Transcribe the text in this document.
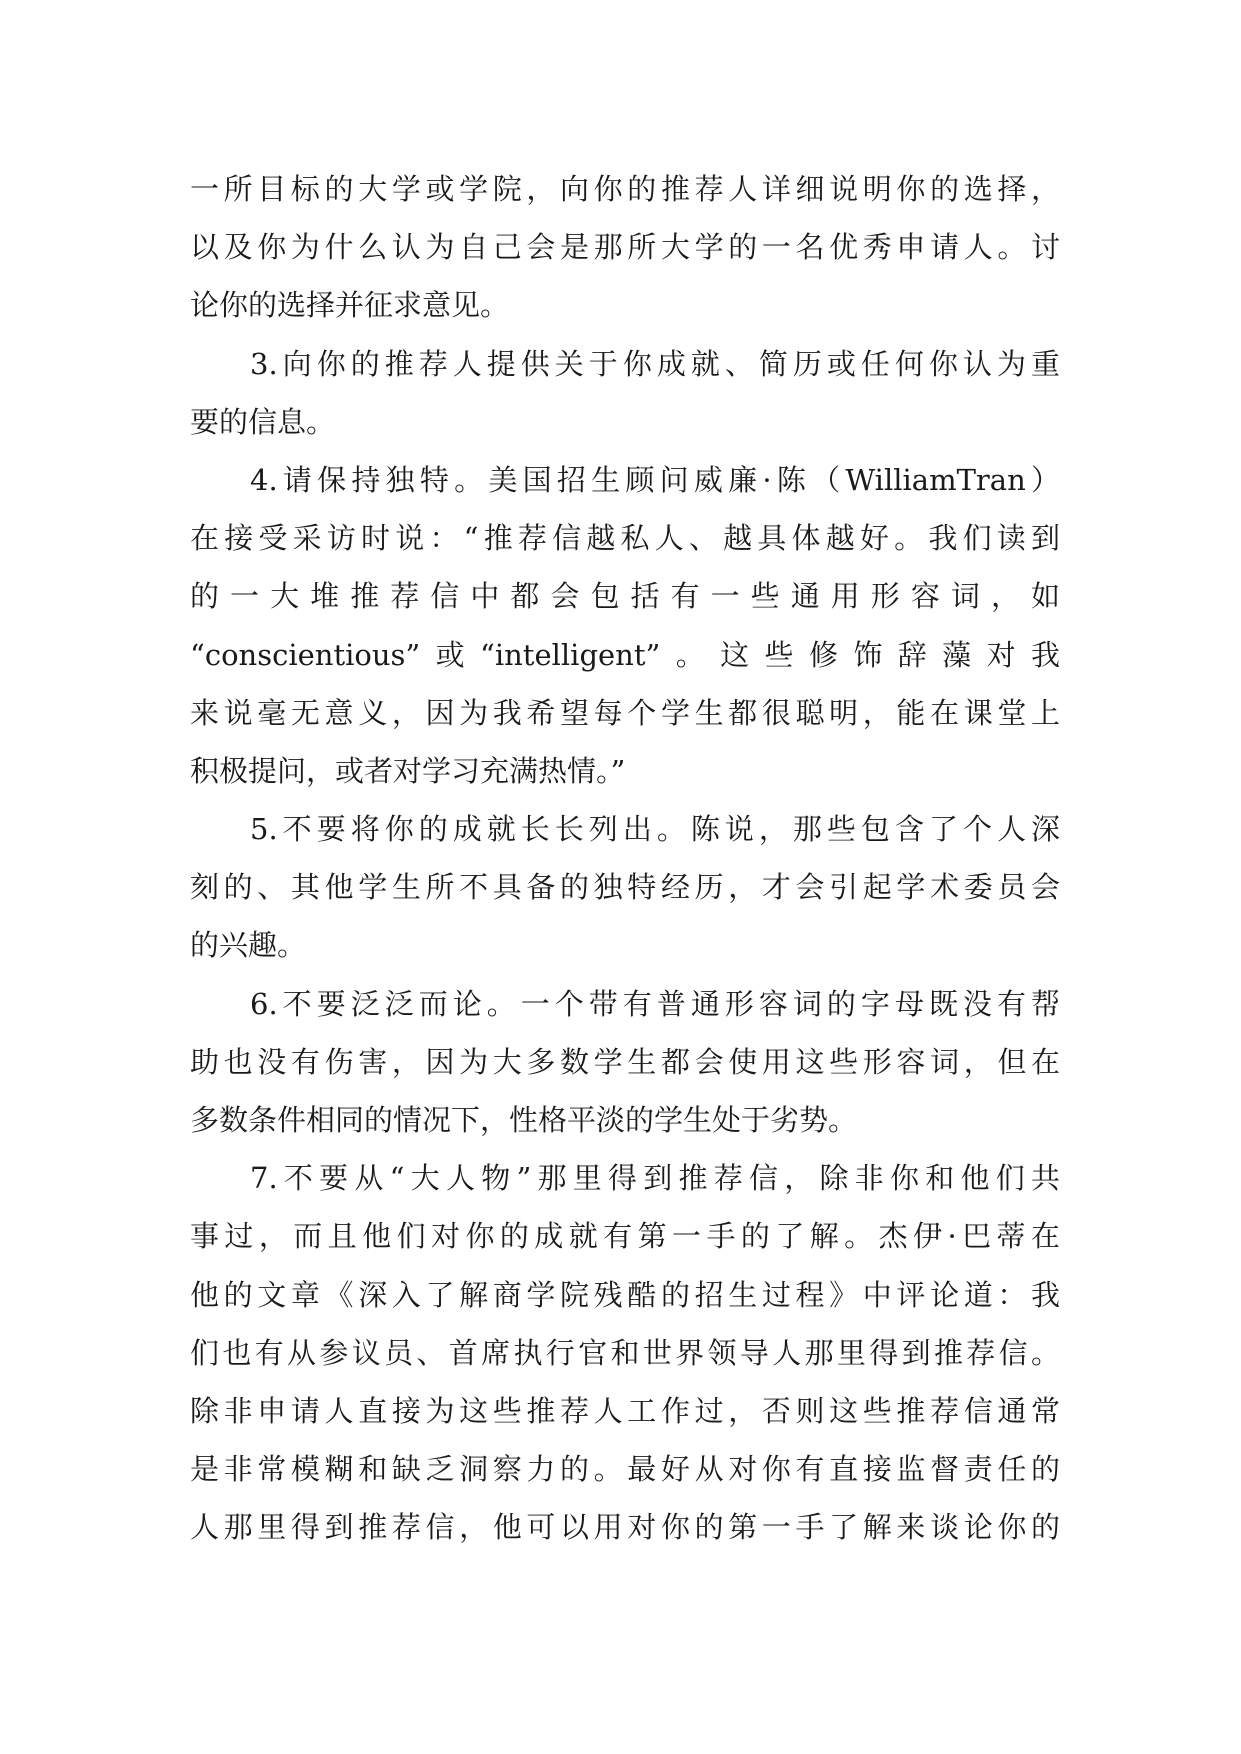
一所目标的大学或学院，向你的推荐人详细说明你的选择，
以及你为什么认为自己会是那所大学的一名优秀申请人。讨
论你的选择并征求意见。
3.向你的推荐人提供关于你成就、简历或任何你认为重
要的信息。
4.请保持独特。美国招生顾问威廉·陈（WilliamTran）
在接受采访时说：“推荐信越私人、越具体越好。我们读到
的一大堆推荐信中都会包括有一些通用形容词，如
“conscientious”或“intelligent”。这些修饰辞藻对我
来说毫无意义，因为我希望每个学生都很聪明，能在课堂上
积极提问，或者对学习充满热情。”
5.不要将你的成就长长列出。陈说，那些包含了个人深
刻的、其他学生所不具备的独特经历，才会引起学术委员会
的兴趣。
6.不要泛泛而论。一个带有普通形容词的字母既没有帮
助也没有伤害，因为大多数学生都会使用这些形容词，但在
多数条件相同的情况下，性格平淡的学生处于劣势。
7.不要从“大人物”那里得到推荐信，除非你和他们共
事过，而且他们对你的成就有第一手的了解。杰伊·巴蒂在
他的文章《深入了解商学院残酷的招生过程》中评论道：我
们也有从参议员、首席执行官和世界领导人那里得到推荐信。
除非申请人直接为这些推荐人工作过，否则这些推荐信通常
是非常模糊和缺乏洞察力的。最好从对你有直接监督责任的
人那里得到推荐信，他可以用对你的第一手了解来谈论你的
